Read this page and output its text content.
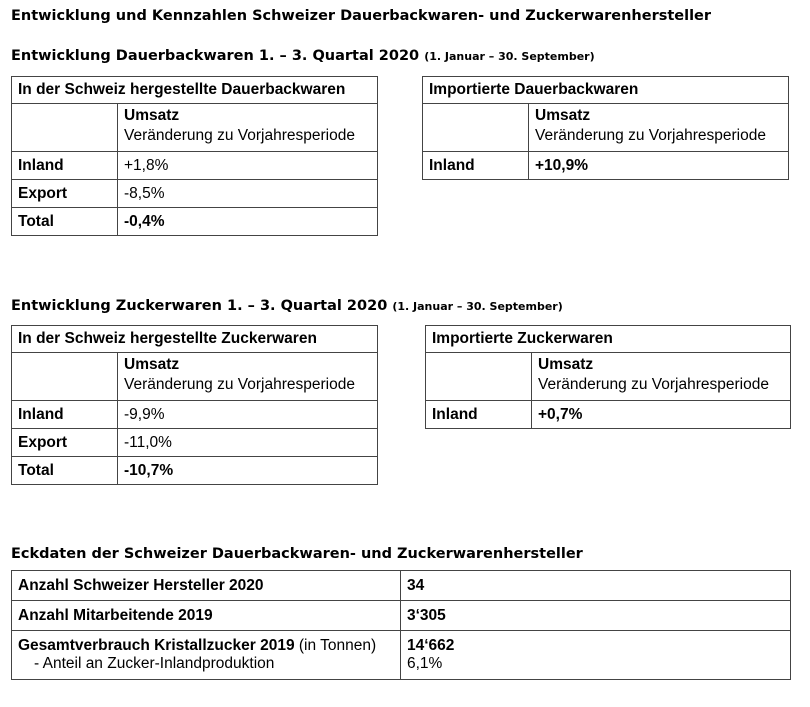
Entwicklung und Kennzahlen Schweizer Dauerbackwaren- und Zuckerwarenhersteller
Entwicklung Dauerbackwaren 1. – 3. Quartal 2020 (1. Januar – 30. September)
In der Schweiz hergestellte Dauerbackwaren	

	Umsatz
Veränderung zu Vorjahresperiode
Inland	+1,8%
Export	-8,5%
Total	-0,4%
Importierte Dauerbackwaren	

	Umsatz
Veränderung zu Vorjahresperiode
Inland	+10,9%
Entwicklung Zuckerwaren 1. – 3. Quartal 2020 (1. Januar – 30. September)
In der Schweiz hergestellte Zuckerwaren	

	Umsatz
Veränderung zu Vorjahresperiode
Inland	-9,9%
Export	-11,0%
Total	-10,7%
Importierte Zuckerwaren	

	Umsatz
Veränderung zu Vorjahresperiode
Inland	+0,7%
Eckdaten der Schweizer Dauerbackwaren- und Zuckerwarenhersteller
Anzahl Schweizer Hersteller 2020	34
Anzahl Mitarbeitende 2019	3‘305
Gesamtverbrauch Kristallzucker 2019 (in Tonnen)	14‘662
- Anteil an Zucker-Inlandproduktion	6,1%
